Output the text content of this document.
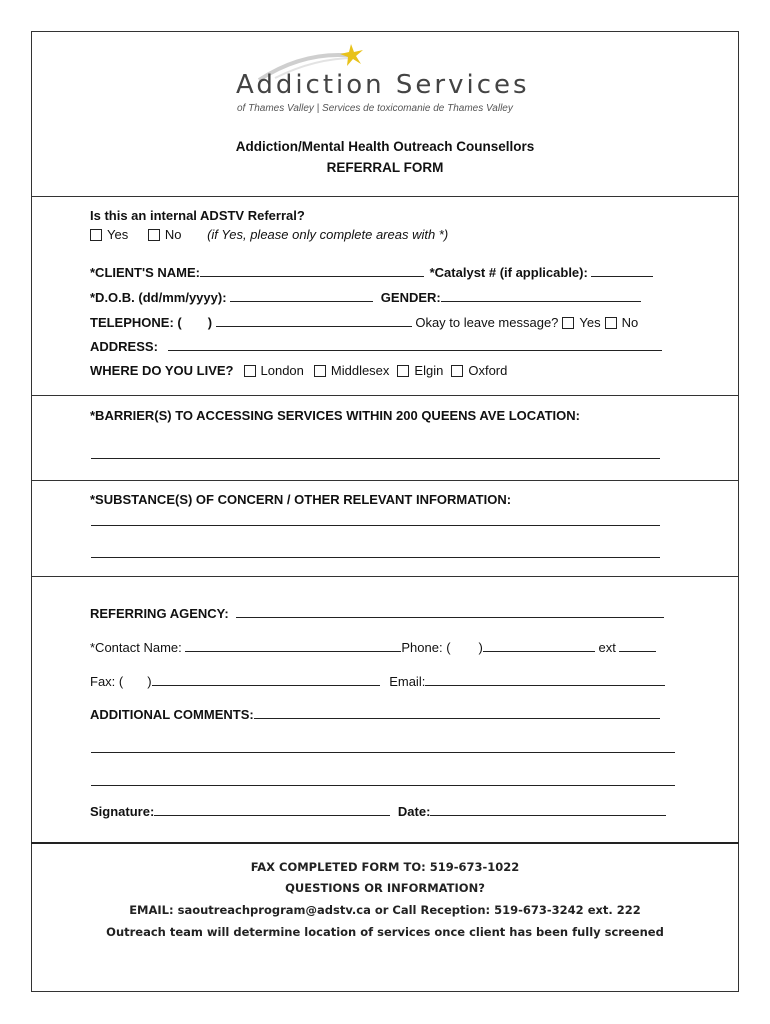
Addiction Services
of Thames Valley | Services de toxicomanie de Thames Valley
Addiction/Mental Health Outreach Counsellors
REFERRAL FORM
Is this an internal ADSTV Referral?
Yes	No (if Yes, please only complete areas with *)
*CLIENT'S NAME:	*Catalyst # (if applicable):
*D.O.B. (dd/mm/yyyy):	GENDER:
TELEPHONE: ( )	Okay to leave message? Yes No
ADDRESS:
WHERE DO YOU LIVE? London Middlesex Elgin Oxford
*BARRIER(S) TO ACCESSING SERVICES WITHIN 200 QUEENS AVE LOCATION:
*SUBSTANCE(S) OF CONCERN / OTHER RELEVANT INFORMATION:
REFERRING AGENCY:
*Contact Name:	Phone: ( )	ext
Fax: ( )	Email:
ADDITIONAL COMMENTS:
Signature:	Date:
FAX COMPLETED FORM TO: 519-673-1022
QUESTIONS OR INFORMATION?
EMAIL: saoutreachprogram@adstv.ca or Call Reception: 519-673-3242 ext. 222
Outreach team will determine location of services once client has been fully screened
